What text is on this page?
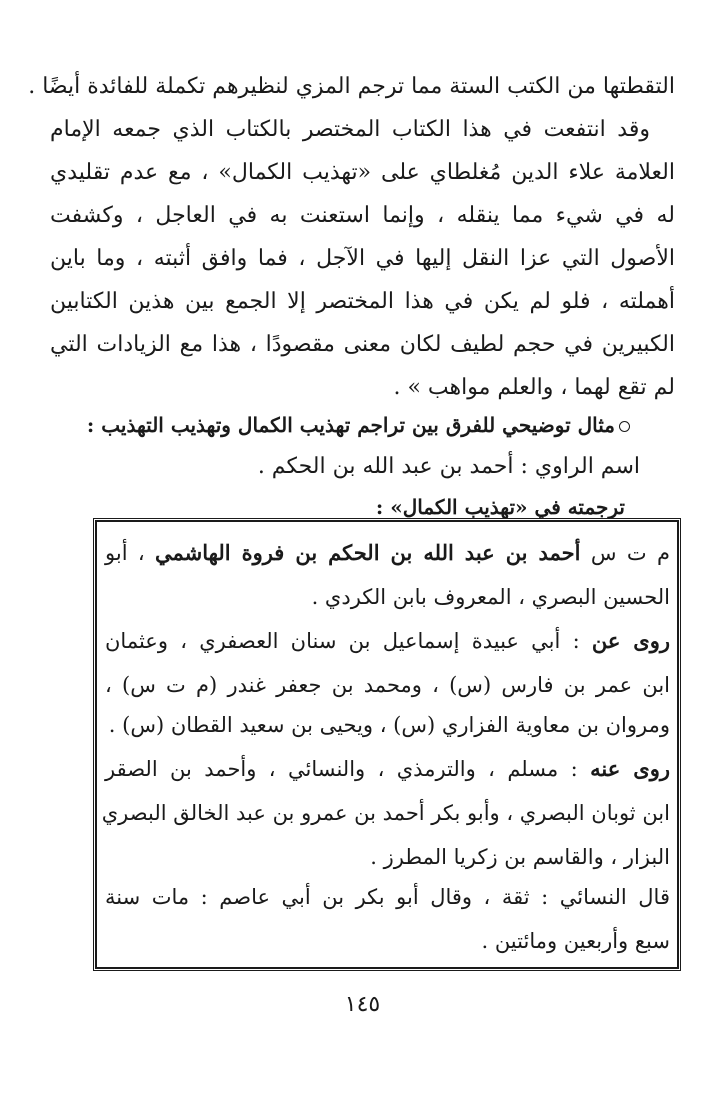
التقطتها من الكتب الستة مما ترجم المزي لنظيرهم تكملة للفائدة أيضًا .
وقد انتفعت في هذا الكتاب المختصر بالكتاب الذي جمعه الإمام
العلامة علاء الدين مُغلطاي على «تهذيب الكمال» ، مع عدم تقليدي
له في شيء مما ينقله ، وإنما استعنت به في العاجل ، وكشفت
الأصول التي عزا النقل إليها في الآجل ، فما وافق أثبته ، وما باين
أهملته ، فلو لم يكن في هذا المختصر إلا الجمع بين هذين الكتابين
الكبيرين في حجم لطيف لكان معنى مقصودًا ، هذا مع الزيادات التي
لم تقع لهما ، والعلم مواهب » .
مثال توضيحي للفرق بين تراجم تهذيب الكمال وتهذيب التهذيب :
اسم الراوي : أحمد بن عبد الله بن الحكم .
ترجمته في «تهذيب الكمال» :
م ت س أحمد بن عبد الله بن الحكم بن فروة الهاشمي ، أبو
الحسين البصري ، المعروف بابن الكردي .
روى عن : أبي عبيدة إسماعيل بن سنان العصفري ، وعثمان
ابن عمر بن فارس (س) ، ومحمد بن جعفر غندر (م ت س) ،
ومروان بن معاوية الفزاري (س) ، ويحيى بن سعيد القطان (س) .
روى عنه : مسلم ، والترمذي ، والنسائي ، وأحمد بن الصقر
ابن ثوبان البصري ، وأبو بكر أحمد بن عمرو بن عبد الخالق البصري
البزار ، والقاسم بن زكريا المطرز .
قال النسائي : ثقة ، وقال أبو بكر بن أبي عاصم : مات سنة
سبع وأربعين ومائتين .
١٤٥
